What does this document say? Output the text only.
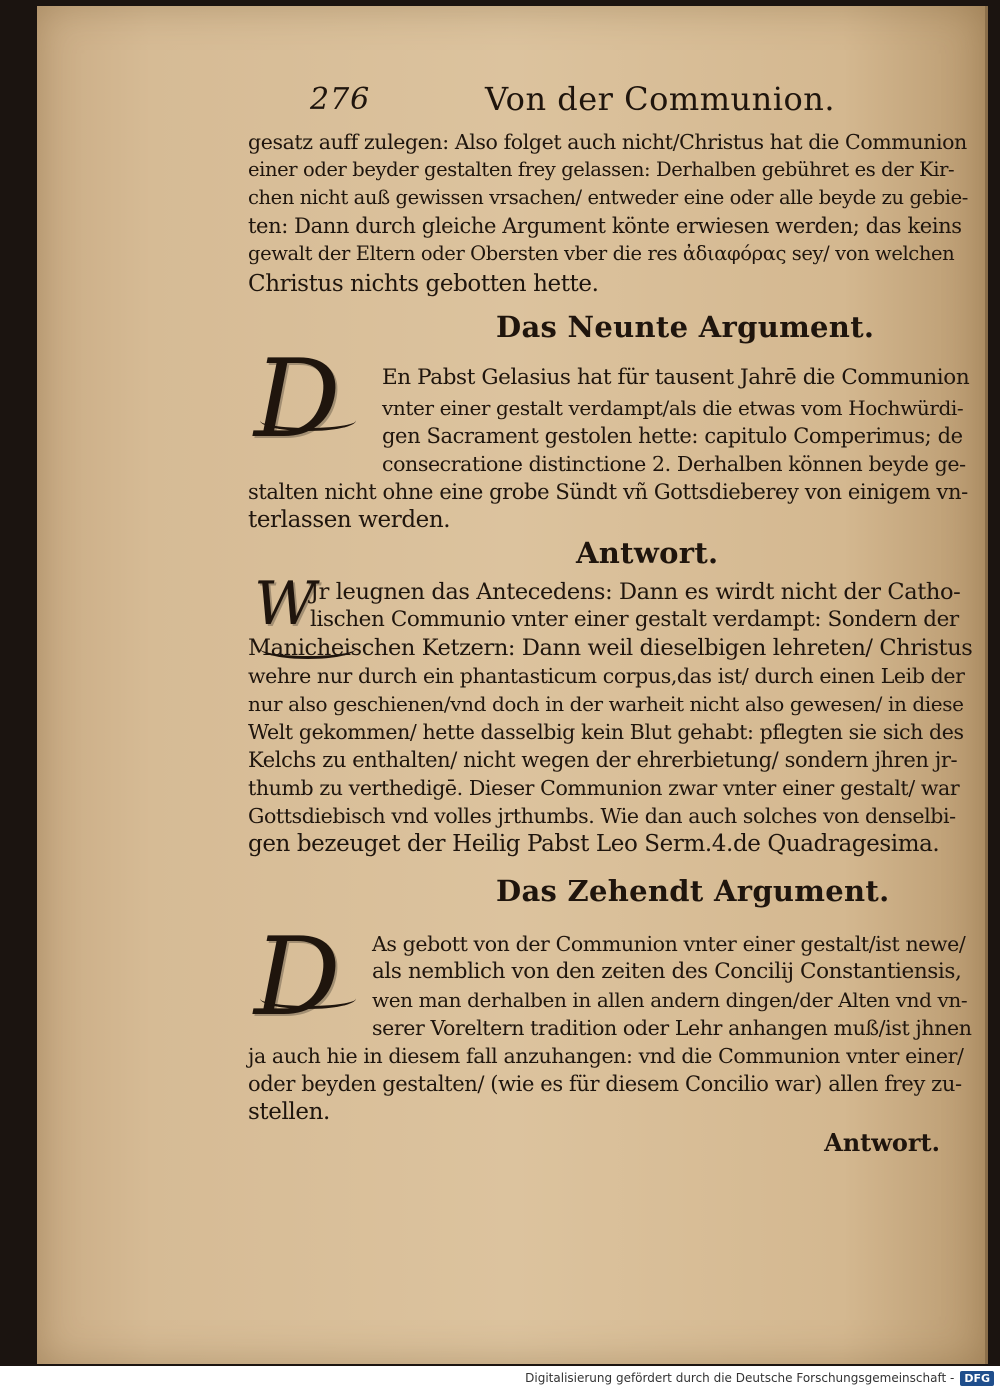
276	Von der Communion.
gesatz auff zulegen: Also folget auch nicht/Christus hat die Communion
einer oder beyder gestalten frey gelassen: Derhalben gebühret es der Kir-
chen nicht auß gewissen vrsachen/ entweder eine oder alle beyde zu gebie-
ten: Dann durch gleiche Argument könte erwiesen werden; das keins
gewalt der Eltern oder Obersten vber die res ἀδιαφόρας sey/ von welchen
Christus nichts gebotten hette.
Das Neunte Argument.
D En Pabst Gelasius hat für tausent Jahrē die Communion
vnter einer gestalt verdampt/als die etwas vom Hochwürdi-
gen Sacrament gestolen hette: capitulo Comperimus; de
consecratione distinctione 2. Derhalben können beyde ge-
stalten nicht ohne eine grobe Sündt vñ Gottsdieberey von einigem vn-
terlassen werden.
Antwort.
W
Jr leugnen das Antecedens: Dann es wirdt nicht der Catho-
lischen Communio vnter einer gestalt verdampt: Sondern der
Manicheischen Ketzern: Dann weil dieselbigen lehreten/ Christus
wehre nur durch ein phantasticum corpus,das ist/ durch einen Leib der
nur also geschienen/vnd doch in der warheit nicht also gewesen/ in diese
Welt gekommen/ hette dasselbig kein Blut gehabt: pflegten sie sich des
Kelchs zu enthalten/ nicht wegen der ehrerbietung/ sondern jhren jr-
thumb zu verthedigē. Dieser Communion zwar vnter einer gestalt/ war
Gottsdiebisch vnd volles jrthumbs. Wie dan auch solches von denselbi-
gen bezeuget der Heilig Pabst Leo Serm.4.de Quadragesima.
Das Zehendt Argument.
D As gebott von der Communion vnter einer gestalt/ist newe/
als nemblich von den zeiten des Concilij Constantiensis,
wen man derhalben in allen andern dingen/der Alten vnd vn-
serer Voreltern tradition oder Lehr anhangen muß/ist jhnen
ja auch hie in diesem fall anzuhangen: vnd die Communion vnter einer/
oder beyden gestalten/ (wie es für diesem Concilio war) allen frey zu-
stellen.
Antwort.
Digitalisierung gefördert durch die Deutsche Forschungsgemeinschaft - DFG
